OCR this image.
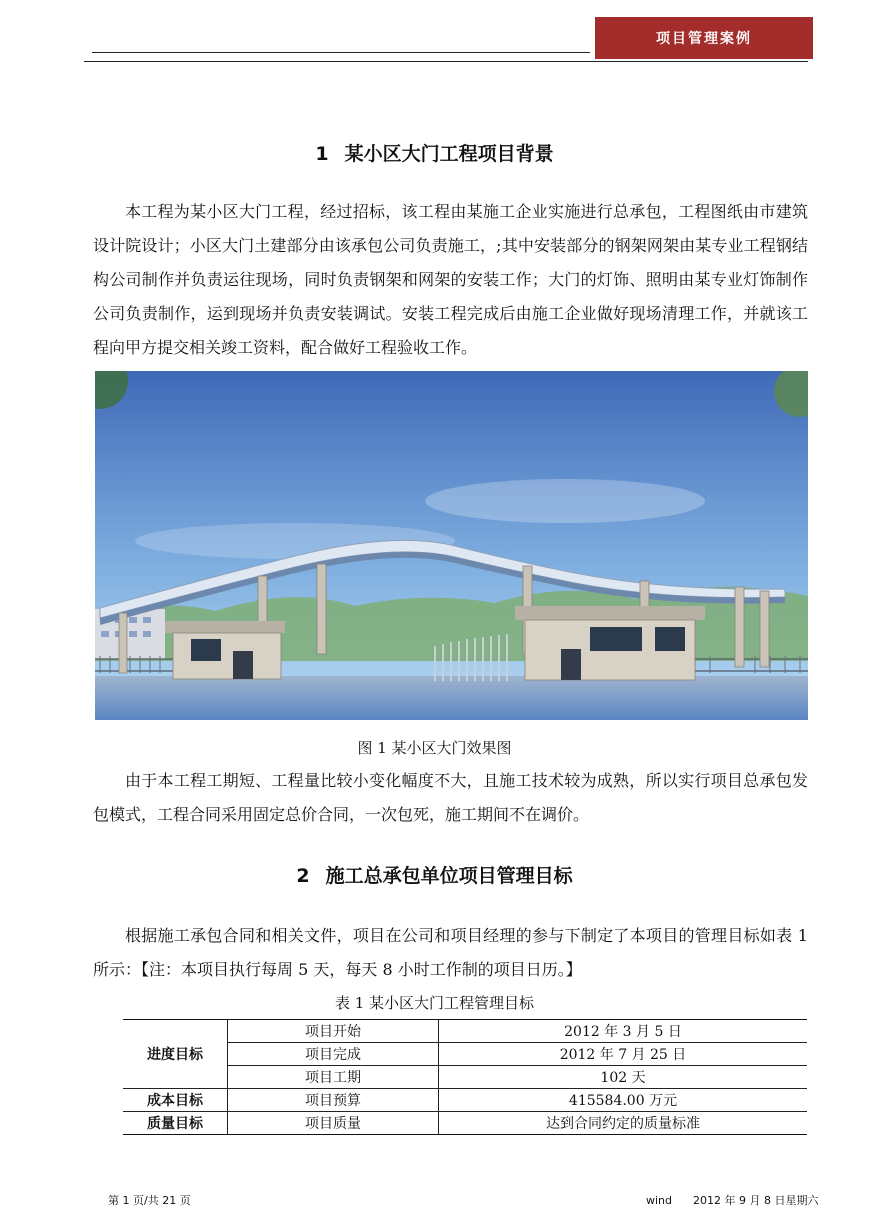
项目管理案例
1 某小区大门工程项目背景

本工程为某小区大门工程，经过招标，该工程由某施工企业实施进行总承包，工程图纸由市建筑设计院设计；小区大门土建部分由该承包公司负责施工，;其中安装部分的钢架网架由某专业工程钢结构公司制作并负责运往现场，同时负责钢架和网架的安装工作；大门的灯饰、照明由某专业灯饰制作公司负责制作，运到现场并负责安装调试。安装工程完成后由施工企业做好现场清理工作，并就该工程向甲方提交相关竣工资料，配合做好工程验收工作。

图 1 某小区大门效果图

由于本工程工期短、工程量比较小变化幅度不大，且施工技术较为成熟，所以实行项目总承包发包模式，工程合同采用固定总价合同，一次包死，施工期间不在调价。

2 施工总承包单位项目管理目标

根据施工承包合同和相关文件，项目在公司和项目经理的参与下制定了本项目的管理目标如表 1 所示：【注：本项目执行每周 5 天，每天 8 小时工作制的项目日历。】

表 1 某小区大门工程管理目标
进度目标	项目开始	2012 年 3 月 5 日
	项目完成	2012 年 7 月 25 日
	项目工期	102 天
成本目标	项目预算	415584.00 万元
质量目标	项目质量	达到合同约定的质量标准
第 1 页/共 21 页	wind      2012 年 9 月 8 日星期六
